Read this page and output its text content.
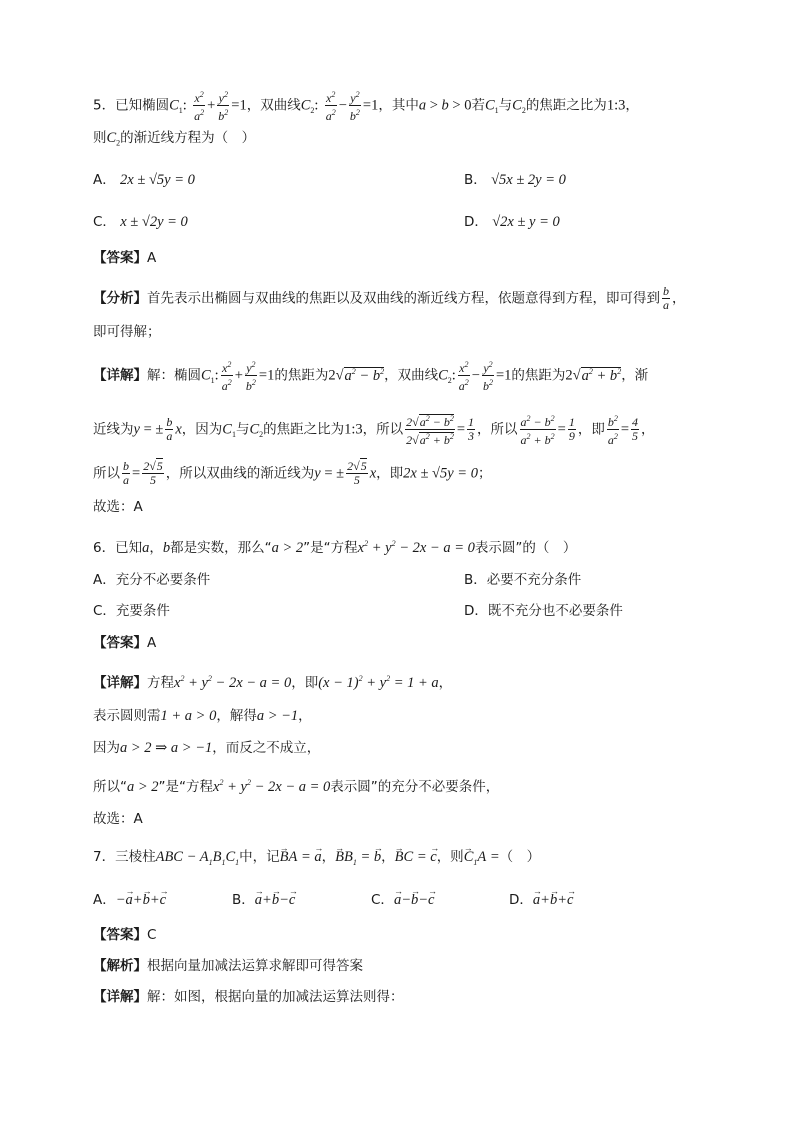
5．已知椭圆$C_1$: $\frac{x^2}{a^2} + \frac{y^2}{b^2} =1$，双曲线$C_2$: $\frac{x^2}{a^2} - \frac{y^2}{b^2} =1$，其中a > b > 0若$C_1$与$C_2$的焦距之比为1:3，
则$C_2$的渐近线方程为（　）
A． 2x ± √5y = 0	B． √5x ± 2y = 0
C． x ± √2y = 0	D． √2x ± y = 0
【答案】A
【分析】首先表示出椭圆与双曲线的焦距以及双曲线的渐近线方程，依题意得到方程，即可得到 $\frac{b}{a}$ ，
即可得解；
【详解】解：椭圆$C_1$: $\frac{x^2}{a^2} + \frac{y^2}{b^2} =1$的焦距为$2√a^2 - b^2$，双曲线$C_2$: $\frac{x^2}{a^2} - \frac{y^2}{b^2} =1$的焦距为$2√a^2 + b^2$，渐
近线为y = ± $\frac{b}{a}$ x，因为$C_1$与$C_2$的焦距之比为1:3，所以 $\frac{2√a^2 - b^2}{2√a^2 + b^2} = \frac{1}{3}$ ，所以 $\frac{a^2 - b^2}{a^2 + b^2} = \frac{1}{9}$ ，即 $\frac{b^2}{a^2} = \frac{4}{5}$ ，
所以 $\frac{b}{a} = \frac{2√5}{5}$ ，所以双曲线的渐近线为y = ± $\frac{2√5}{5}$ x，即2x ± √5y = 0；
故选：A
6．已知a，b都是实数，那么“a > 2”是“方程$x^2 + y^2 - 2x - a = 0$表示圆”的（　）
A．充分不必要条件	B．必要不充分条件
C．充要条件	D．既不充分也不必要条件
【答案】A
【详解】方程$x^2 + y^2 - 2x - a = 0$，即$(x - 1)^2 + y^2 = 1 + a$，
表示圆则需1 + a > 0，解得a > −1，
因为a > 2 ⇒ a > −1，而反之不成立，
所以“a > 2”是“方程$x^2 + y^2 - 2x - a = 0$表示圆”的充分不必要条件，
故选：A
7．三棱柱ABC − $A_1B_1C_1$中，记→ BA = → a，→ $BB_1$ = → b，→ BC = → c，则→ $C_1A$ =（　）
A．−→ a+→ b+→ c	B．→ a+→ b−→ c	C．→ a−→ b−→ c	D．→ a+→ b+→ c
【答案】C
【解析】根据向量加减法运算求解即可得答案
【详解】解：如图，根据向量的加减法运算法则得：
